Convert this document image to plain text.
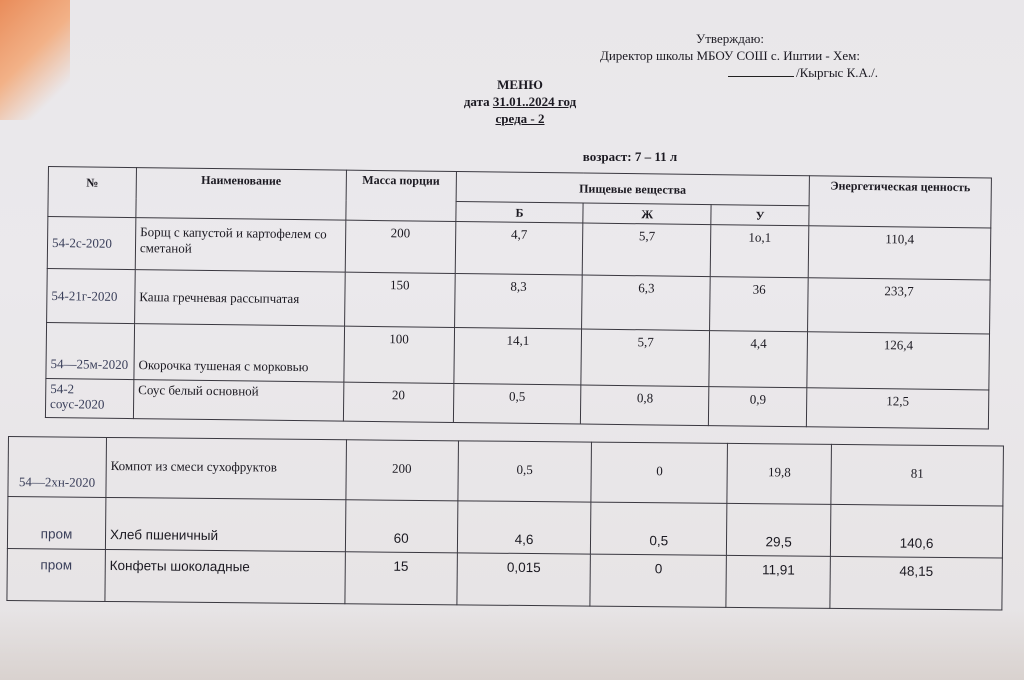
Утверждаю:
Директор школы МБОУ СОШ с. Иштии - Хем:
/Кыргыс К.А./.
МЕНЮ
дата 31.01..2024 год
среда - 2
возраст: 7 – 11 л
№	Наименование	Масса порции	Пищевые вещества			Энергетическая ценность
			Б	Ж	У	
54-2с-2020	Борщ с капустой и картофелем со сметаной	200	4,7	5,7	1о,1	110,4
54-21г-2020	Каша гречневая рассыпчатая	150	8,3	6,3	36	233,7
54—25м-2020	Окорочка тушеная с морковью	100	14,1	5,7	4,4	126,4
54-2 соус-2020	Соус белый основной	20	0,5	0,8	0,9	12,5
54—2хн-2020	Компот из смеси сухофруктов	200	0,5	0	19,8	81
пром	Хлеб пшеничный	60	4,6	0,5	29,5	140,6
пром	Конфеты шоколадные	15	0,015	0	11,91	48,15
